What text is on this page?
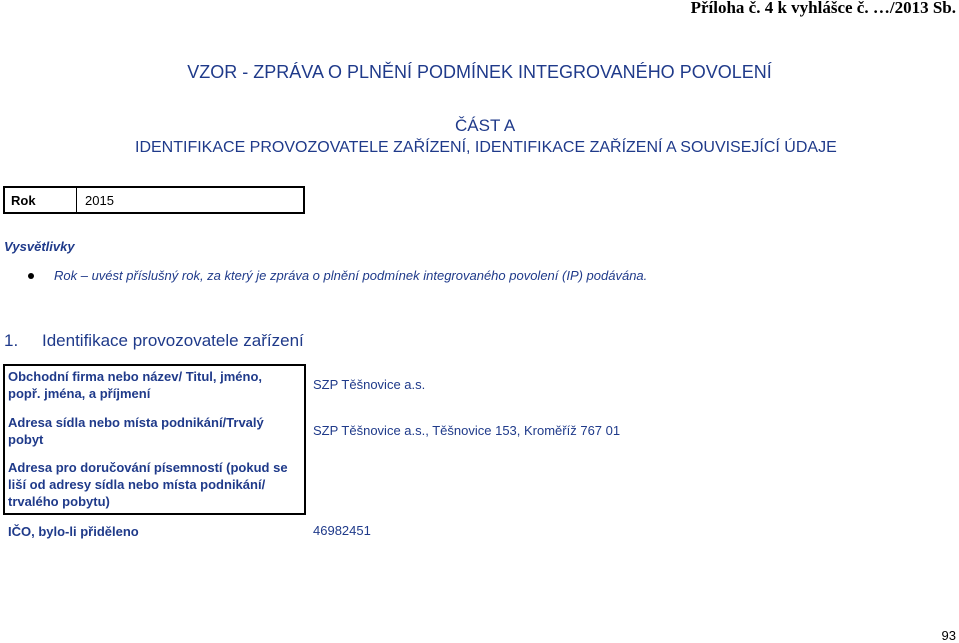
Příloha č. 4 k vyhlášce č. …/2013 Sb.
VZOR - ZPRÁVA O PLNĚNÍ PODMÍNEK INTEGROVANÉHO POVOLENÍ
ČÁST A
IDENTIFIKACE PROVOZOVATELE ZAŘÍZENÍ, IDENTIFIKACE ZAŘÍZENÍ A SOUVISEJÍCÍ ÚDAJE
Rok	2015
Vysvětlivky
Rok – uvést příslušný rok, za který je zpráva o plnění podmínek integrovaného povolení (IP) podávána.
1. Identifikace provozovatele zařízení
Obchodní firma nebo název/ Titul, jméno, popř. jména, a příjmení
SZP Těšnovice a.s.
Adresa sídla nebo místa podnikání/Trvalý pobyt
SZP Těšnovice a.s., Těšnovice 153, Kroměříž 767 01
Adresa pro doručování písemností (pokud se liší od adresy sídla nebo místa podnikání/ trvalého pobytu)
IČO, bylo-li přiděleno	46982451
93
